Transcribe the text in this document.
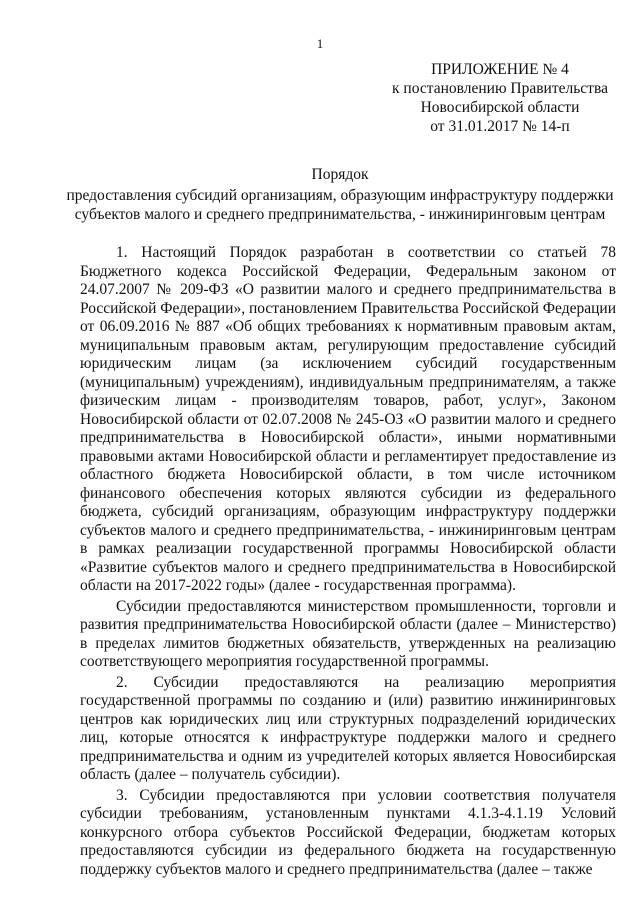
1
ПРИЛОЖЕНИЕ № 4
к постановлению Правительства
Новосибирской области
от 31.01.2017 № 14-п
Порядок
предоставления субсидий организациям, образующим инфраструктуру поддержки субъектов малого и среднего предпринимательства, - инжиниринговым центрам

1. Настоящий Порядок разработан в соответствии со статьей 78 Бюджетного кодекса Российской Федерации, Федеральным законом от 24.07.2007 № 209-ФЗ «О развитии малого и среднего предпринимательства в Российской Федерации», постановлением Правительства Российской Федерации от 06.09.2016 № 887 «Об общих требованиях к нормативным правовым актам, муниципальным правовым актам, регулирующим предоставление субсидий юридическим лицам (за исключением субсидий государственным (муниципальным) учреждениям), индивидуальным предпринимателям, а также физическим лицам - производителям товаров, работ, услуг», Законом Новосибирской области от 02.07.2008 № 245-ОЗ «О развитии малого и среднего предпринимательства в Новосибирской области», иными нормативными правовыми актами Новосибирской области и регламентирует предоставление из областного бюджета Новосибирской области, в том числе источником финансового обеспечения которых являются субсидии из федерального бюджета, субсидий организациям, образующим инфраструктуру поддержки субъектов малого и среднего предпринимательства, - инжиниринговым центрам в рамках реализации государственной программы Новосибирской области «Развитие субъектов малого и среднего предпринимательства в Новосибирской области на 2017-2022 годы» (далее - государственная программа).

Субсидии предоставляются министерством промышленности, торговли и развития предпринимательства Новосибирской области (далее – Министерство) в пределах лимитов бюджетных обязательств, утвержденных на реализацию соответствующего мероприятия государственной программы.

2. Субсидии предоставляются на реализацию мероприятия государственной программы по созданию и (или) развитию инжиниринговых центров как юридических лиц или структурных подразделений юридических лиц, которые относятся к инфраструктуре поддержки малого и среднего предпринимательства и одним из учредителей которых является Новосибирская область (далее – получатель субсидии).

3. Субсидии предоставляются при условии соответствия получателя субсидии требованиям, установленным пунктами 4.1.3-4.1.19 Условий конкурсного отбора субъектов Российской Федерации, бюджетам которых предоставляются субсидии из федерального бюджета на государственную поддержку субъектов малого и среднего предпринимательства (далее – также
